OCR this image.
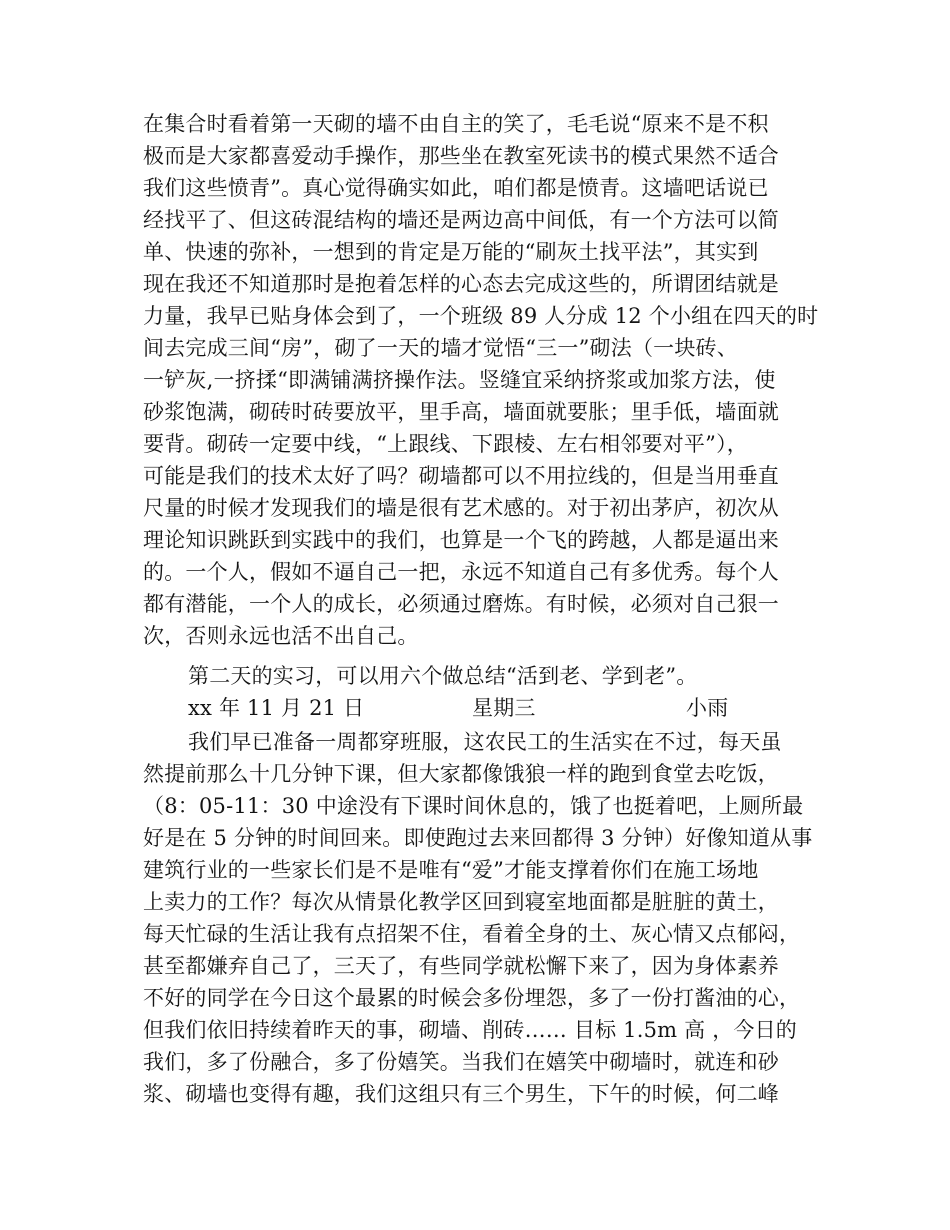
在集合时看着第一天砌的墙不由自主的笑了，毛毛说“原来不是不积
极而是大家都喜爱动手操作，那些坐在教室死读书的模式果然不适合
我们这些愤青”。真心觉得确实如此，咱们都是愤青。这墙吧话说已
经找平了、但这砖混结构的墙还是两边高中间低，有一个方法可以简
单、快速的弥补，一想到的肯定是万能的“刷灰土找平法”，其实到
现在我还不知道那时是抱着怎样的心态去完成这些的，所谓团结就是
力量，我早已贴身体会到了，一个班级 89 人分成 12 个小组在四天的时
间去完成三间“房”，砌了一天的墙才觉悟“三一”砌法（一块砖、
一铲灰,一挤揉“即满铺满挤操作法。竖缝宜采纳挤浆或加浆方法，使
砂浆饱满，砌砖时砖要放平，里手高，墙面就要胀；里手低，墙面就
要背。砌砖一定要中线，“上跟线、下跟棱、左右相邻要对平”），
可能是我们的技术太好了吗？砌墙都可以不用拉线的，但是当用垂直
尺量的时候才发现我们的墙是很有艺术感的。对于初出茅庐，初次从
理论知识跳跃到实践中的我们，也算是一个飞的跨越，人都是逼出来
的。一个人，假如不逼自己一把，永远不知道自己有多优秀。每个人
都有潜能，一个人的成长，必须通过磨炼。有时候，必须对自己狠一
次，否则永远也活不出自己。
第二天的实习，可以用六个做总结“活到老、学到老”。
xx 年 11 月 21 日	星期三	小雨
我们早已准备一周都穿班服，这农民工的生活实在不过，每天虽
然提前那么十几分钟下课，但大家都像饿狼一样的跑到食堂去吃饭，
（8：05-11：30 中途没有下课时间休息的，饿了也挺着吧，上厕所最
好是在 5 分钟的时间回来。即使跑过去来回都得 3 分钟）好像知道从事
建筑行业的一些家长们是不是唯有“爱”才能支撑着你们在施工场地
上卖力的工作？每次从情景化教学区回到寝室地面都是脏脏的黄土，
每天忙碌的生活让我有点招架不住，看着全身的土、灰心情又点郁闷，
甚至都嫌弃自己了，三天了，有些同学就松懈下来了，因为身体素养
不好的同学在今日这个最累的时候会多份埋怨，多了一份打酱油的心，
但我们依旧持续着昨天的事，砌墙、削砖…… 目标 1.5m 高 ，今日的
我们，多了份融合，多了份嬉笑。当我们在嬉笑中砌墙时，就连和砂
浆、砌墙也变得有趣，我们这组只有三个男生，下午的时候，何二峰
